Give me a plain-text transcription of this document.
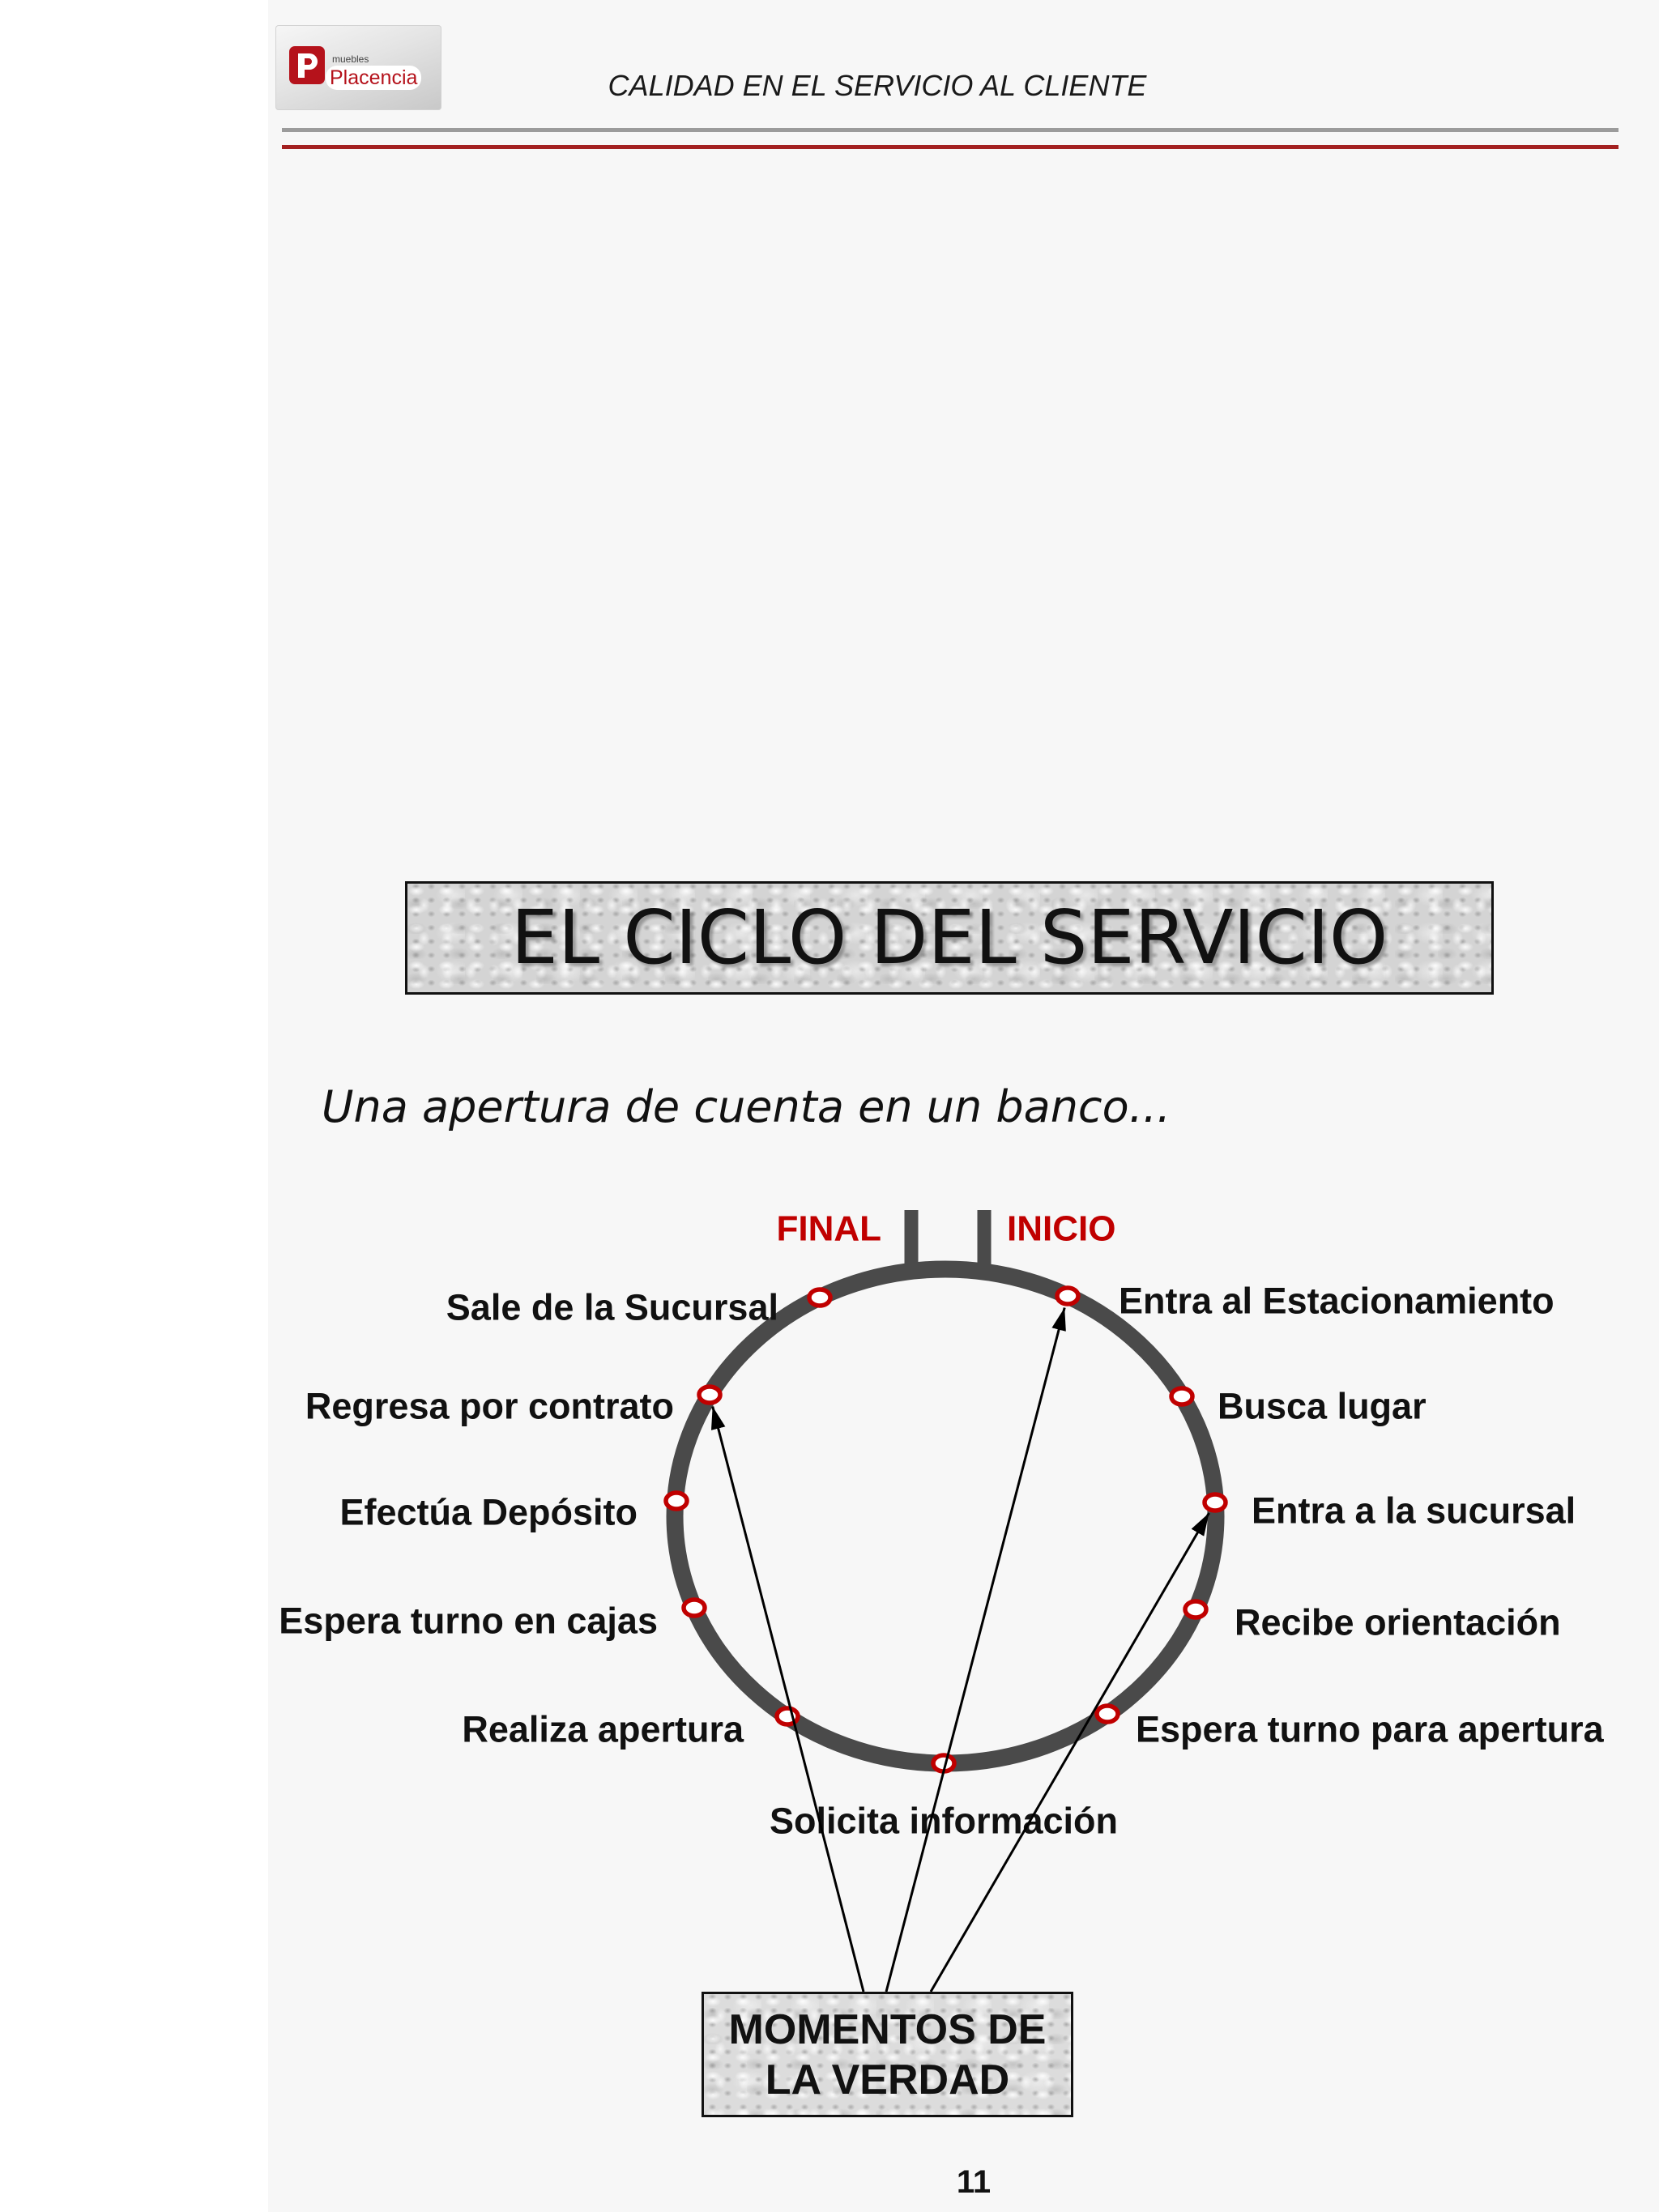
muebles
Placencia	CALIDAD EN EL SERVICIO AL CLIENTE
EL CICLO DEL SERVICIO
Una apertura de cuenta en un banco...
FINAL	INICIO
Entra al Estacionamiento
Busca lugar
Entra a la sucursal
Recibe orientación
Espera turno para apertura
Solicita información
Realiza apertura
Espera turno en cajas
Efectúa Depósito
Regresa por contrato
Sale de la Sucursal
MOMENTOS DE
LA VERDAD
11
